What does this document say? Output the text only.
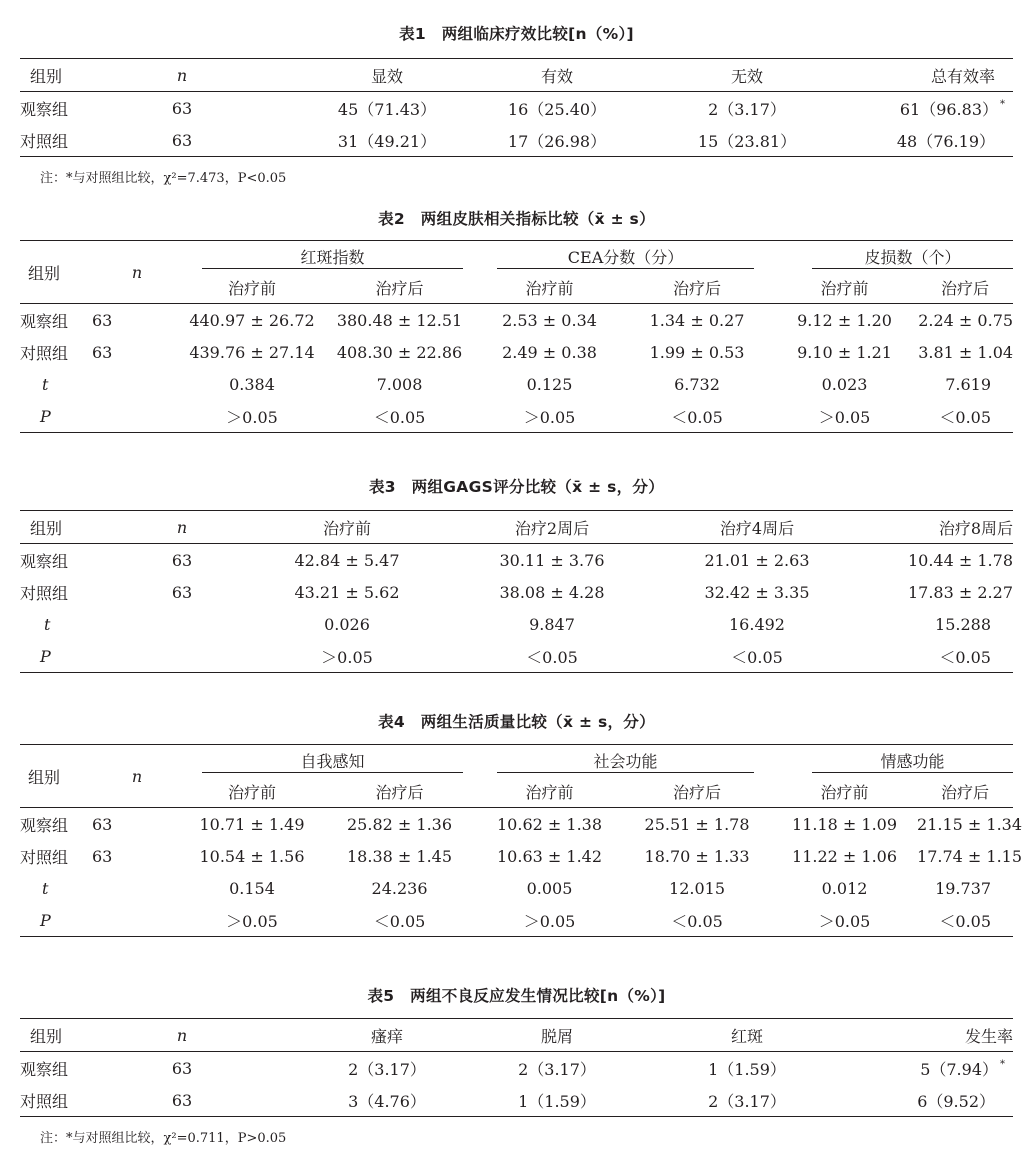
表1　两组临床疗效比较[n（%）]
组别	n	显效	有效	无效	总有效率
观察组	63	45（71.43）	16（25.40）	2（3.17）	61（96.83） *
对照组	63	31（49.21）	17（26.98）	15（23.81）	48（76.19）
注：*与对照组比较，χ²=7.473，P<0.05
表2　两组皮肤相关指标比较（x̄ ± s）
组别	n	红斑指数		CEA分数（分）		皮损数（个）	

		治疗前	治疗后	治疗前	治疗后	治疗前	治疗后
观察组	63	440.97 ± 26.72	380.48 ± 12.51	2.53 ± 0.34	1.34 ± 0.27	9.12 ± 1.20	2.24 ± 0.75
对照组	63	439.76 ± 27.14	408.30 ± 22.86	2.49 ± 0.38	1.99 ± 0.53	9.10 ± 1.21	3.81 ± 1.04
t		0.384	7.008	0.125	6.732	0.023	7.619
P		＞0.05	＜0.05	＞0.05	＜0.05	＞0.05	＜0.05
表3　两组GAGS评分比较（x̄ ± s，分）
组别	n	治疗前	治疗2周后	治疗4周后	治疗8周后
观察组	63	42.84 ± 5.47	30.11 ± 3.76	21.01 ± 2.63	10.44 ± 1.78
对照组	63	43.21 ± 5.62	38.08 ± 4.28	32.42 ± 3.35	17.83 ± 2.27
t		0.026	9.847	16.492	15.288
P		＞0.05	＜0.05	＜0.05	＜0.05
表4　两组生活质量比较（x̄ ± s，分）
组别	n	自我感知		社会功能		情感功能	

		治疗前	治疗后	治疗前	治疗后	治疗前	治疗后
观察组	63	10.71 ± 1.49	25.82 ± 1.36	10.62 ± 1.38	25.51 ± 1.78	11.18 ± 1.09	21.15 ± 1.34
对照组	63	10.54 ± 1.56	18.38 ± 1.45	10.63 ± 1.42	18.70 ± 1.33	11.22 ± 1.06	17.74 ± 1.15
t		0.154	24.236	0.005	12.015	0.012	19.737
P		＞0.05	＜0.05	＞0.05	＜0.05	＞0.05	＜0.05
表5　两组不良反应发生情况比较[n（%）]
组别	n	瘙痒	脱屑	红斑	发生率
观察组	63	2（3.17）	2（3.17）	1（1.59）	5（7.94） *
对照组	63	3（4.76）	1（1.59）	2（3.17）	6（9.52）
注：*与对照组比较，χ²=0.711，P>0.05
